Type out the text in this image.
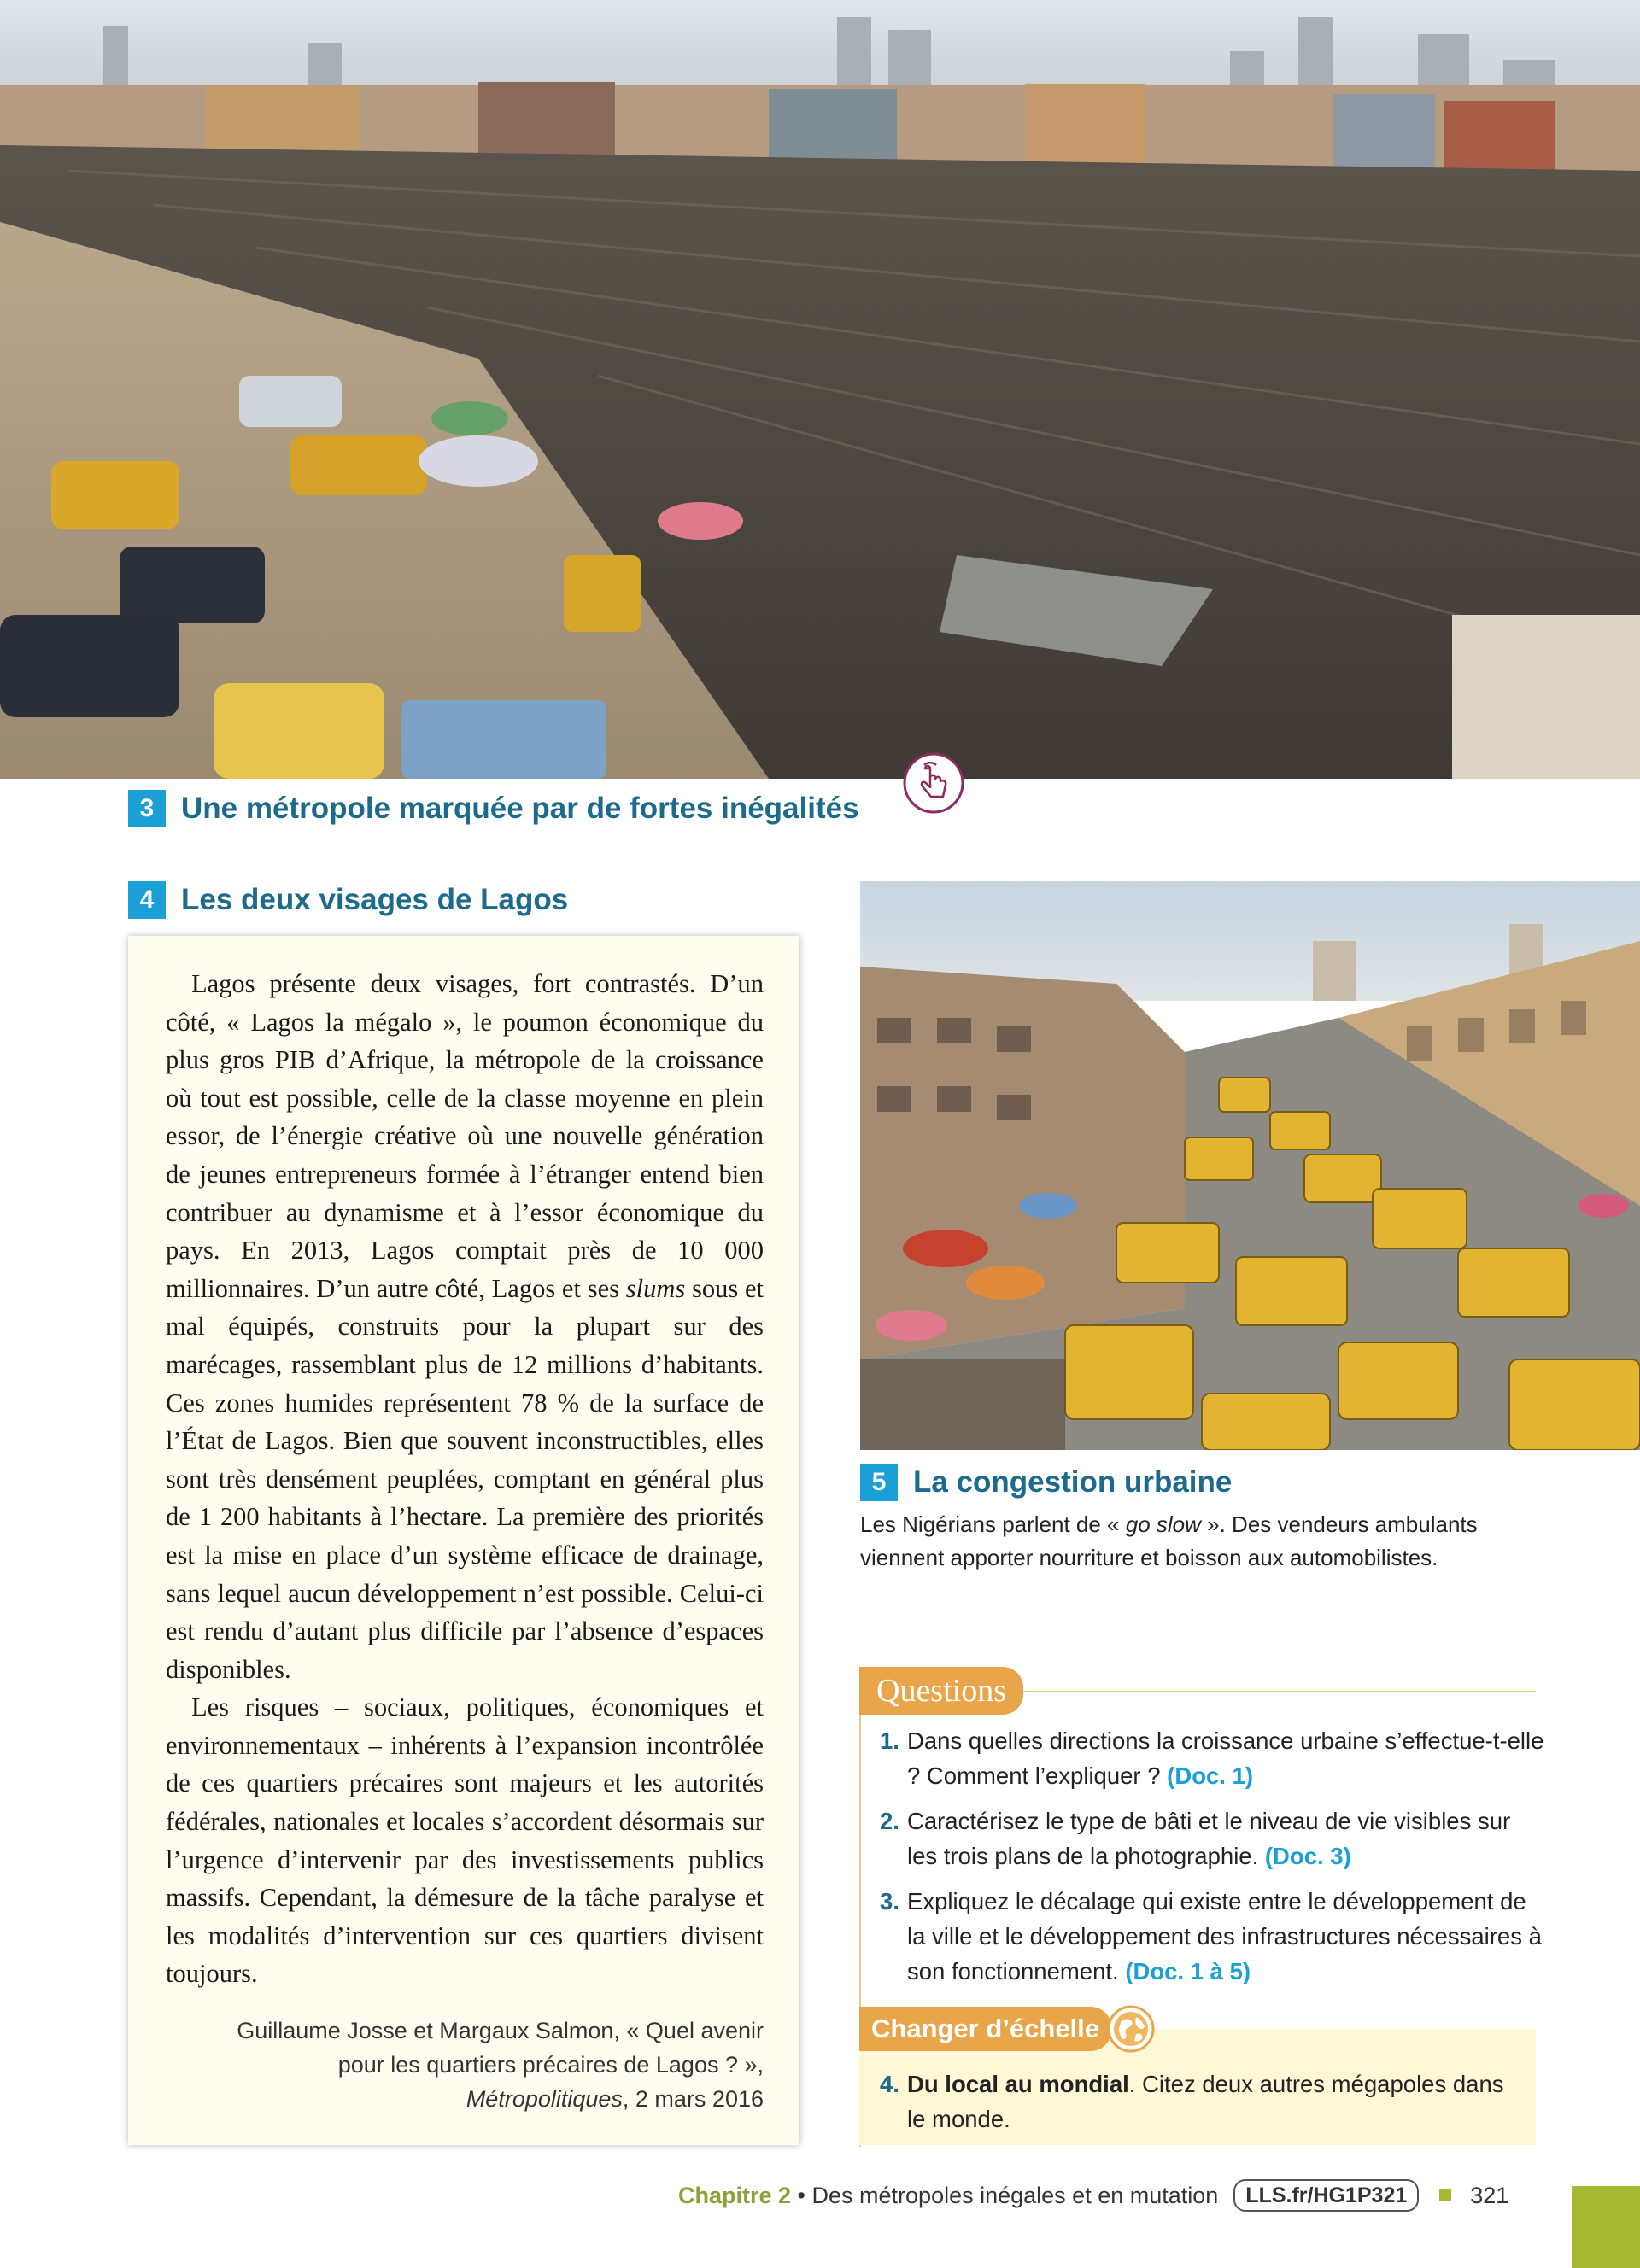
3 Une métropole marquée par de fortes inégalités
4 Les deux visages de Lagos

Lagos présente deux visages, fort contrastés. D’un côté, « Lagos la mégalo », le poumon économique du plus gros PIB d’Afrique, la métropole de la croissance où tout est possible, celle de la classe moyenne en plein essor, de l’énergie créative où une nouvelle génération de jeunes entrepreneurs formée à l’étranger entend bien contribuer au dynamisme et à l’essor économique du pays. En 2013, Lagos comptait près de 10 000 millionnaires. D’un autre côté, Lagos et ses slums sous et mal équipés, construits pour la plupart sur des marécages, rassemblant plus de 12 millions d’habitants. Ces zones humides représentent 78 % de la surface de l’État de Lagos. Bien que souvent inconstructibles, elles sont très densément peuplées, comptant en général plus de 1 200 habitants à l’hectare. La première des priorités est la mise en place d’un système efficace de drainage, sans lequel aucun développement n’est possible. Celui-ci est rendu d’autant plus difficile par l’absence d’espaces disponibles.

Les risques – sociaux, politiques, économiques et environnementaux – inhérents à l’expansion incontrôlée de ces quartiers précaires sont majeurs et les autorités fédérales, nationales et locales s’accordent désormais sur l’urgence d’intervenir par des investissements publics massifs. Cependant, la démesure de la tâche paralyse et les modalités d’intervention sur ces quartiers divisent toujours.

Guillaume Josse et Margaux Salmon, « Quel avenir pour les quartiers précaires de Lagos ? »,
Métropolitiques, 2 mars 2016
5 La congestion urbaine
Les Nigérians parlent de « go slow ». Des vendeurs ambulants viennent apporter nourriture et boisson aux automobilistes.
Questions
1. Dans quelles directions la croissance urbaine s’effectue-t-elle ? Comment l’expliquer ? (Doc. 1)
2. Caractérisez le type de bâti et le niveau de vie visibles sur les trois plans de la photographie. (Doc. 3)
3. Expliquez le décalage qui existe entre le développement de la ville et le développement des infrastructures nécessaires à son fonctionnement. (Doc. 1 à 5)
Changer d’échelle
4. Du local au mondial. Citez deux autres mégapoles dans le monde.
Chapitre 2 • Des métropoles inégales et en mutation	LLS.fr/HG1P321	321
